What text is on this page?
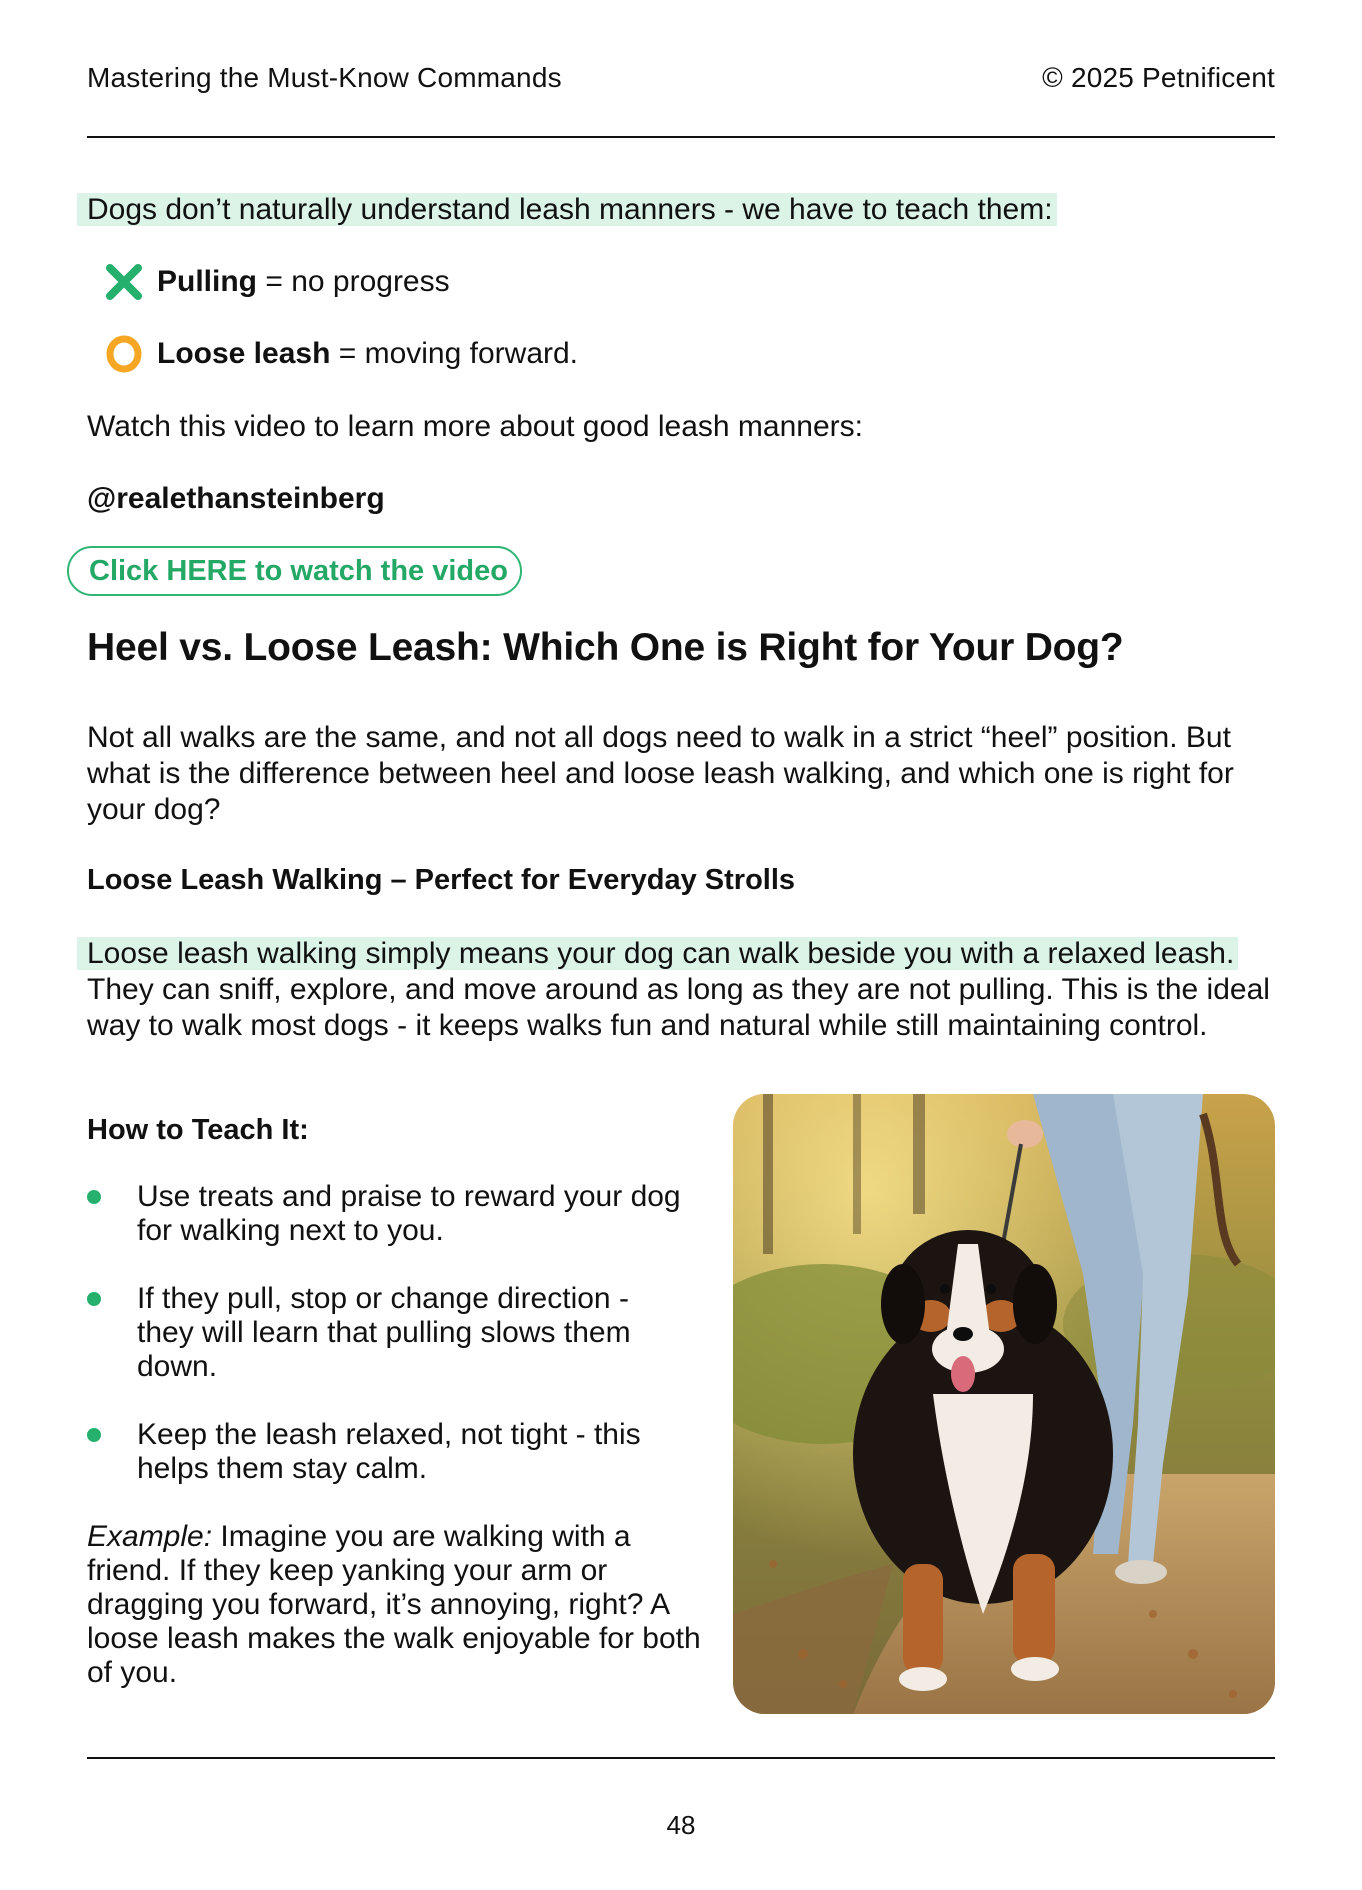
Mastering the Must-Know Commands	© 2025 Petnificent
Dogs don’t naturally understand leash manners - we have to teach them:
Pulling = no progress
Loose leash = moving forward.
Watch this video to learn more about good leash manners:
@realethansteinberg
Click HERE to watch the video
Heel vs. Loose Leash: Which One is Right for Your Dog?
Not all walks are the same, and not all dogs need to walk in a strict “heel” position. But what is the difference between heel and loose leash walking, and which one is right for your dog?
Loose Leash Walking – Perfect for Everyday Strolls
Loose leash walking simply means your dog can walk beside you with a relaxed leash. They can sniff, explore, and move around as long as they are not pulling. This is the ideal way to walk most dogs - it keeps walks fun and natural while still maintaining control.
How to Teach It:
Use treats and praise to reward your dog for walking next to you.
If they pull, stop or change direction - they will learn that pulling slows them down.
Keep the leash relaxed, not tight - this helps them stay calm.
Example: Imagine you are walking with a friend. If they keep yanking your arm or dragging you forward, it’s annoying, right? A loose leash makes the walk enjoyable for both of you.
48
